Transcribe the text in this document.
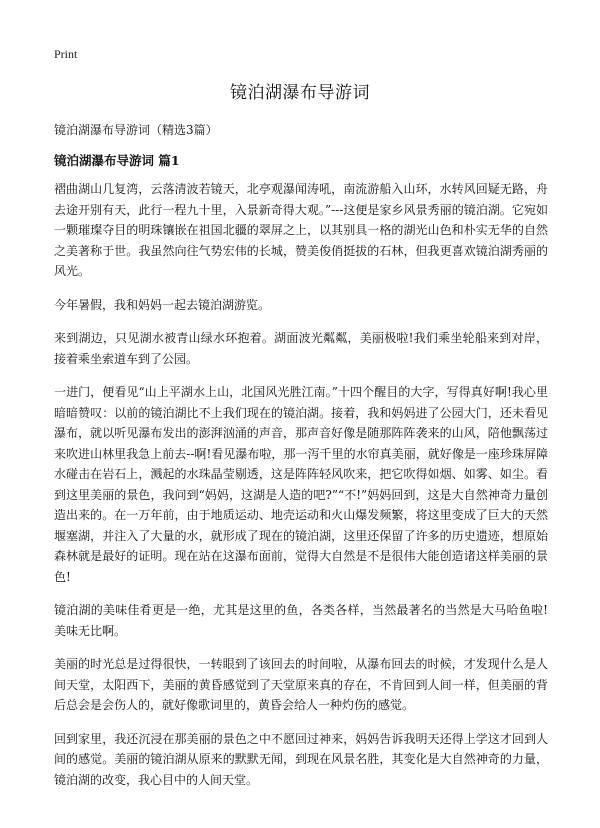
Print
镜泊湖瀑布导游词
镜泊湖瀑布导游词（精选3篇）
镜泊湖瀑布导游词 篇1

褶曲湖山几复湾，云落清波若镜天，北亭观瀑闻涛吼，南流游船入山环，水转风回疑无路，舟去途开别有天，此行一程九十里，入景新奇得大观。”---这便是家乡风景秀丽的镜泊湖。它宛如一颗璀璨夺目的明珠镶嵌在祖国北疆的翠屏之上，以其别具一格的湖光山色和朴实无华的自然之美著称于世。我虽然向往气势宏伟的长城，赞美俊俏挺拔的石林，但我更喜欢镜泊湖秀丽的风光。

今年暑假，我和妈妈一起去镜泊湖游览。

来到湖边，只见湖水被青山绿水环抱着。湖面波光粼粼，美丽极啦!我们乘坐轮船来到对岸，接着乘坐索道车到了公园。

一进门，便看见“山上平湖水上山，北国风光胜江南。”十四个醒目的大字，写得真好啊!我心里暗暗赞叹：以前的镜泊湖比不上我们现在的镜泊湖。接着，我和妈妈进了公园大门，还未看见瀑布，就以听见瀑布发出的澎湃汹涌的声音，那声音好像是随那阵阵袭来的山风，陪他飘荡过来吹进山林里我急上前去--啊!看见瀑布啦，那一泻千里的水帘真美丽，就好像是一座珍珠屏障水碰击在岩石上，溅起的水珠晶莹剔透，这是阵阵轻风吹来，把它吹得如烟、如雾、如尘。看到这里美丽的景色，我问到“妈妈，这湖是人造的吧?”“不!”妈妈回到，这是大自然神奇力量创造出来的。在一万年前，由于地质运动、地壳运动和火山爆发频繁，将这里变成了巨大的天然堰塞湖，并注入了大量的水，就形成了现在的镜泊湖，这里还保留了许多的历史遗迹，想原始森林就是最好的证明。现在站在这瀑布面前，觉得大自然是不是很伟大能创造诸这样美丽的景色!

镜泊湖的美味佳肴更是一绝，尤其是这里的鱼，各类各样，当然最著名的当然是大马哈鱼啦!美味无比啊。

美丽的时光总是过得很快，一转眼到了该回去的时间啦，从瀑布回去的时候，才发现什么是人间天堂，太阳西下，美丽的黄昏感觉到了天堂原来真的存在，不肯回到人间一样，但美丽的背后总会是会伤人的，就好像歌词里的，黄昏会给人一种灼伤的感觉。

回到家里，我还沉浸在那美丽的景色之中不愿回过神来，妈妈告诉我明天还得上学这才回到人间的感觉。美丽的镜泊湖从原来的默默无闻，到现在风景名胜，其变化是大自然神奇的力量，镜泊湖的改变，我心目中的人间天堂。
